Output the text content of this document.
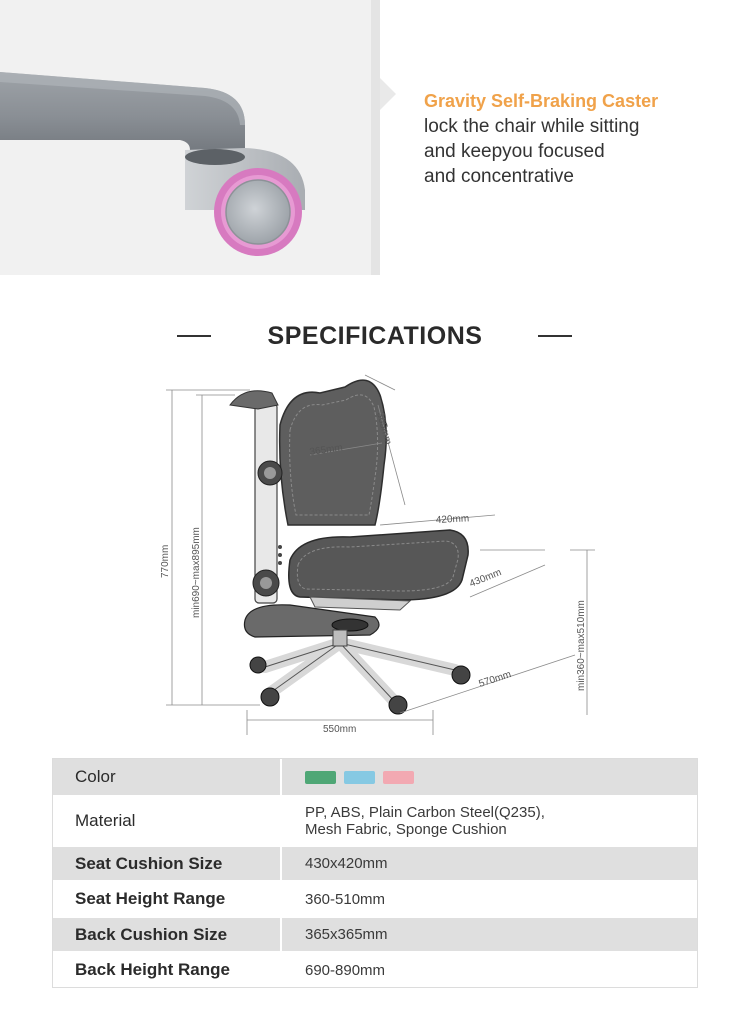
Gravity Self-Braking Caster
lock the chair while sitting
and keepyou focused
and concentrative
SPECIFICATIONS
770mm min690~max895mm
365mm
365mm
420mm
430mm
min360~max510mm
570mm
550mm
Color
Material	PP, ABS, Plain Carbon Steel(Q235),
Mesh Fabric, Sponge Cushion
Seat Cushion Size	430x420mm
Seat Height Range	360-510mm
Back Cushion Size	365x365mm
Back Height Range	690-890mm
